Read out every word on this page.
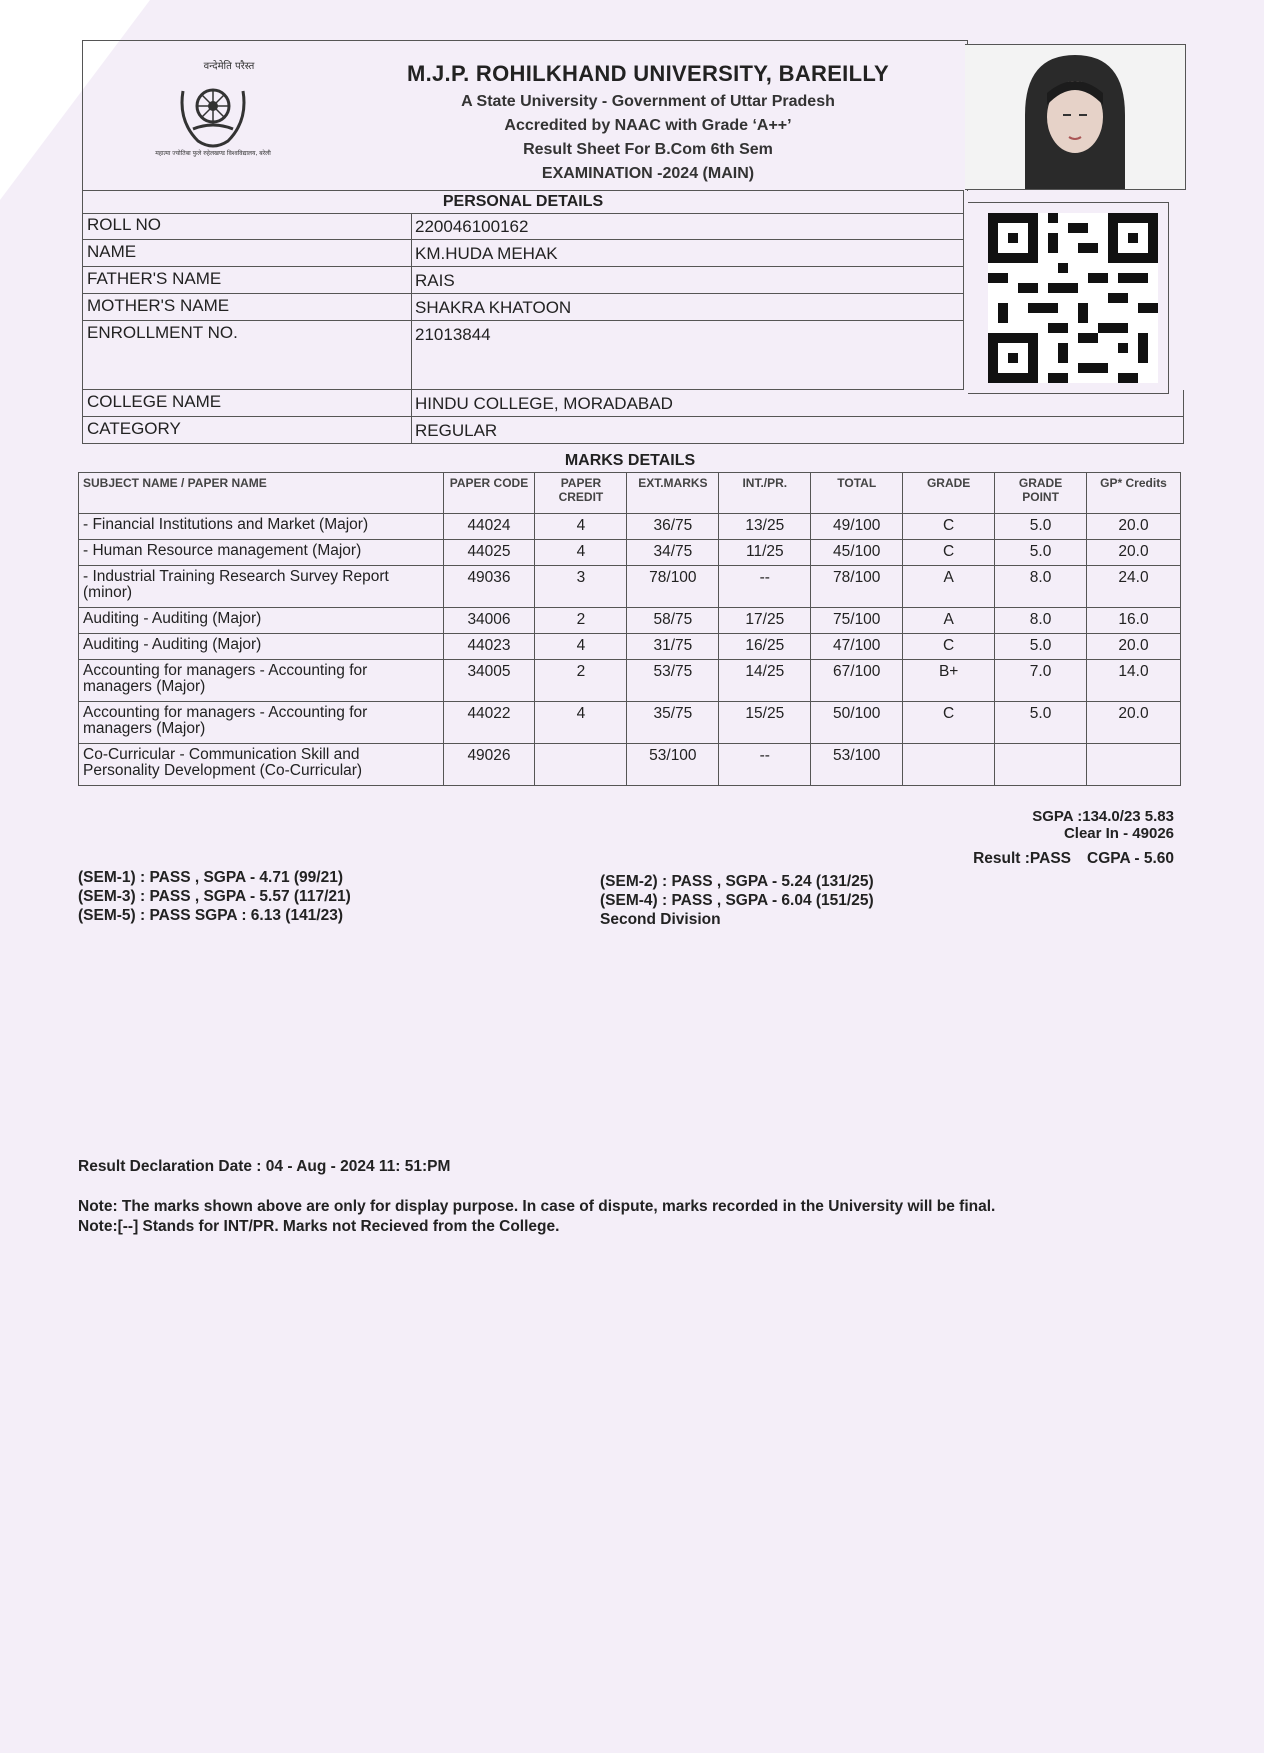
वन्देमेति परैस्त
महात्मा ज्योतिबा फुले रुहेलखण्ड विश्वविद्यालय, बरेली
M.J.P. ROHILKHAND UNIVERSITY, BAREILLY
A State University - Government of Uttar Pradesh
Accredited by NAAC with Grade ‘A++’
Result Sheet For B.Com 6th Sem
EXAMINATION -2024 (MAIN)
PERSONAL DETAILS
ROLL NO	220046100162
NAME	KM.HUDA MEHAK
FATHER'S NAME	RAIS
MOTHER'S NAME	SHAKRA KHATOON
ENROLLMENT NO.	21013844
COLLEGE NAME	HINDU COLLEGE, MORADABAD
CATEGORY	REGULAR
MARKS DETAILS
SUBJECT NAME / PAPER NAME	PAPER CODE	PAPER CREDIT	EXT.MARKS	INT./PR.	TOTAL	GRADE	GRADE POINT	GP* Credits
- Financial Institutions and Market (Major)	44024	4	36/75	13/25	49/100	C	5.0	20.0
- Human Resource management (Major)	44025	4	34/75	11/25	45/100	C	5.0	20.0
- Industrial Training Research Survey Report (minor)	49036	3	78/100	--	78/100	A	8.0	24.0
Auditing - Auditing (Major)	34006	2	58/75	17/25	75/100	A	8.0	16.0
Auditing - Auditing (Major)	44023	4	31/75	16/25	47/100	C	5.0	20.0
Accounting for managers - Accounting for managers (Major)	34005	2	53/75	14/25	67/100	B+	7.0	14.0
Accounting for managers - Accounting for managers (Major)	44022	4	35/75	15/25	50/100	C	5.0	20.0
Co-Curricular - Communication Skill and Personality Development (Co-Curricular)	49026		53/100	--	53/100			
SGPA :134.0/23 5.83
Clear In - 49026
Result :PASS CGPA - 5.60
(SEM-1) : PASS , SGPA - 4.71 (99/21)
(SEM-3) : PASS , SGPA - 5.57 (117/21)
(SEM-5) : PASS SGPA : 6.13 (141/23)
(SEM-2) : PASS , SGPA - 5.24 (131/25)
(SEM-4) : PASS , SGPA - 6.04 (151/25)
Second Division
Result Declaration Date : 04 - Aug - 2024 11: 51:PM
Note: The marks shown above are only for display purpose. In case of dispute, marks recorded in the University will be final.
Note:[--] Stands for INT/PR. Marks not Recieved from the College.
